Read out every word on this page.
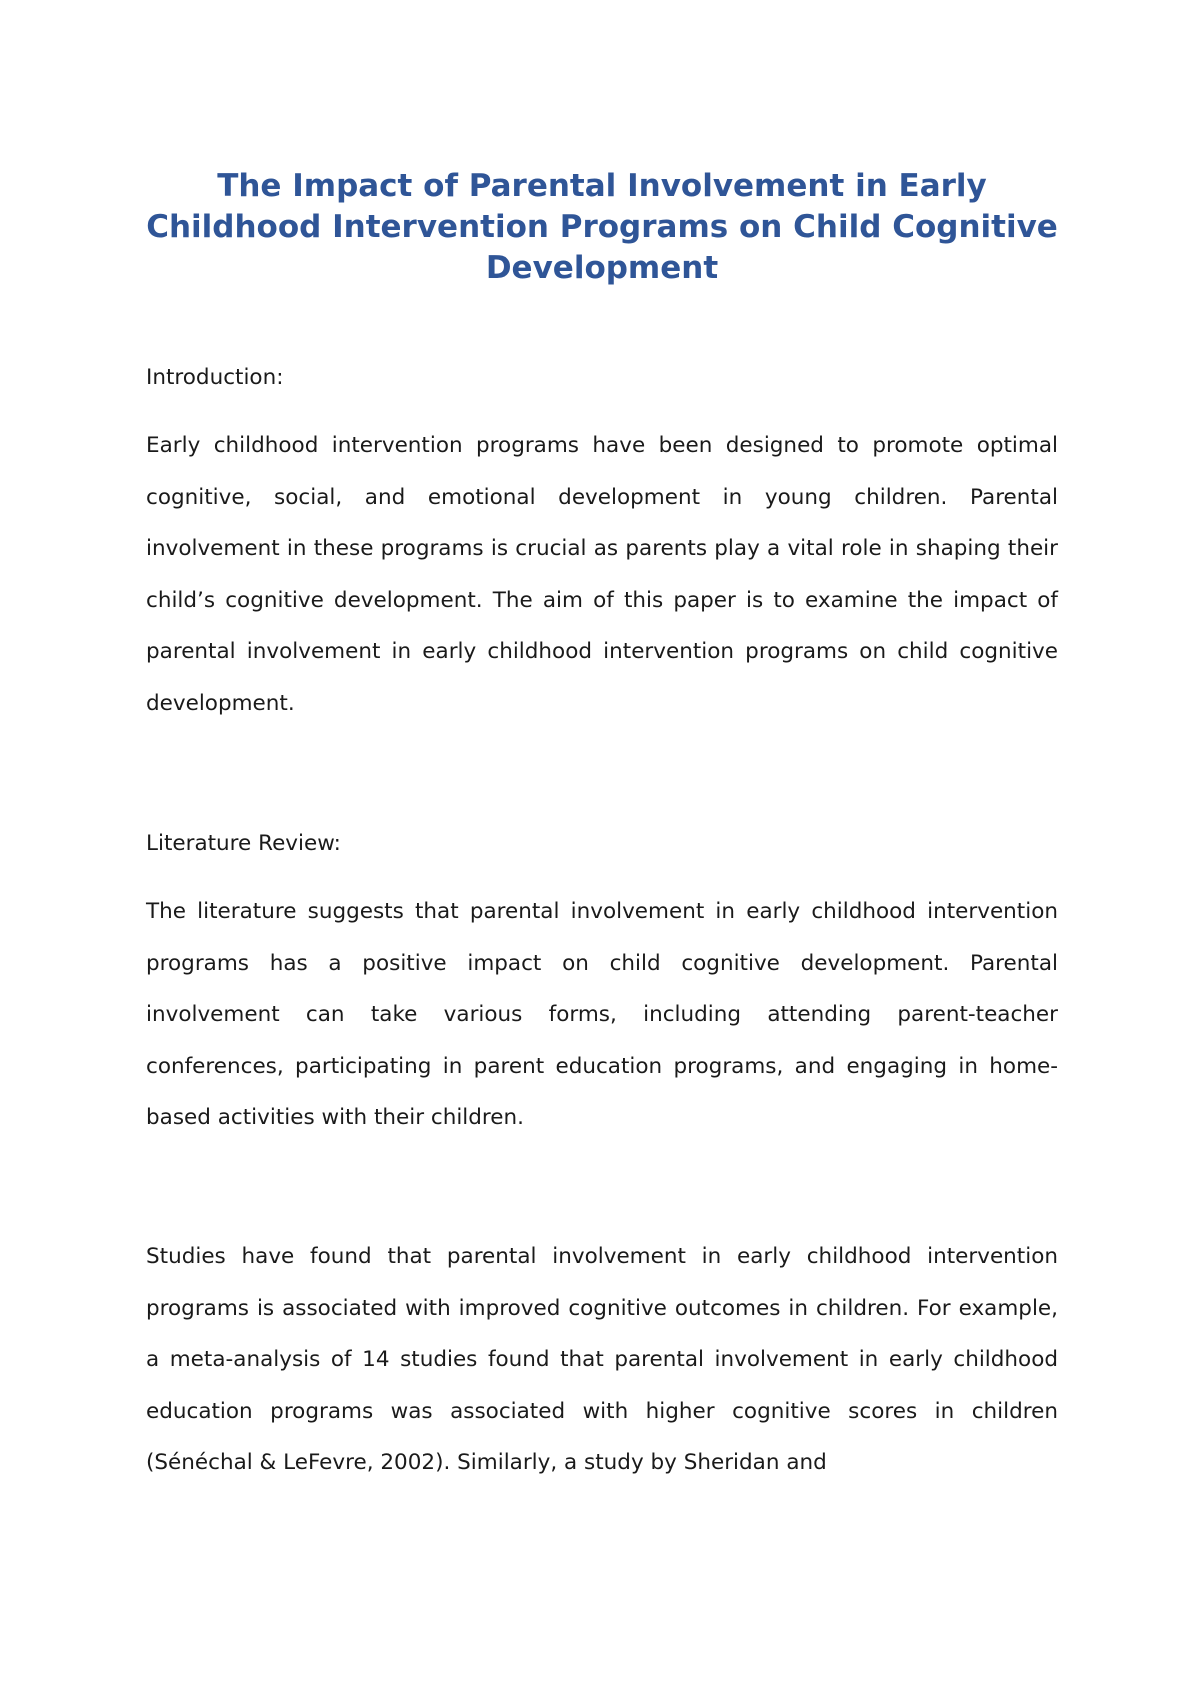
The Impact of Parental Involvement in Early Childhood Intervention Programs on Child Cognitive Development

Introduction:

Early childhood intervention programs have been designed to promote optimal cognitive, social, and emotional development in young children. Parental involvement in these programs is crucial as parents play a vital role in shaping their child’s cognitive development. The aim of this paper is to examine the impact of parental involvement in early childhood intervention programs on child cognitive development.

Literature Review:

The literature suggests that parental involvement in early childhood intervention programs has a positive impact on child cognitive development. Parental involvement can take various forms, including attending parent-teacher conferences, participating in parent education programs, and engaging in home-based activities with their children.

Studies have found that parental involvement in early childhood intervention programs is associated with improved cognitive outcomes in children. For example, a meta-analysis of 14 studies found that parental involvement in early childhood education programs was associated with higher cognitive scores in children (Sénéchal & LeFevre, 2002). Similarly, a study by Sheridan and
